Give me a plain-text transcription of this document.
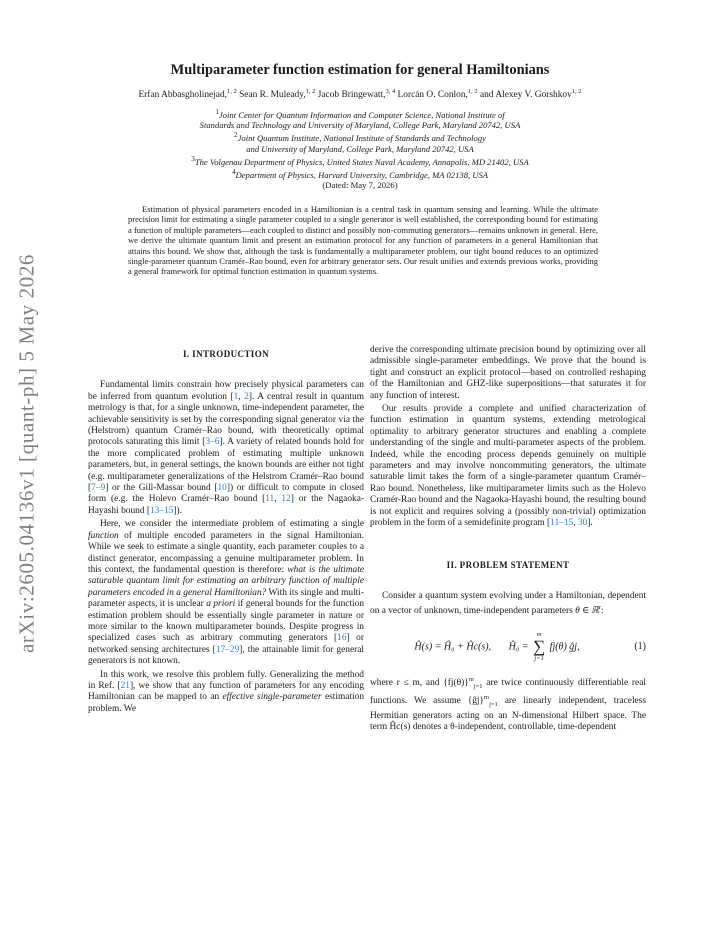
arXiv:2605.04136v1 [quant-ph] 5 May 2026
Multiparameter function estimation for general Hamiltonians
Erfan Abbasgholinejad,$^{1, 2}$ Sean R. Muleady,$^{1, 2}$ Jacob Bringewatt,$^{3, 4}$ Lorcán O. Conlon,$^{1, 2}$ and Alexey V. Gorshkov$^{1, 2}$
$^1$Joint Center for Quantum Information and Computer Science, National Institute of
Standards and Technology and University of Maryland, College Park, Maryland 20742, USA
$^2$Joint Quantum Institute, National Institute of Standards and Technology
and University of Maryland, College Park, Maryland 20742, USA
$^3$The Volgenau Department of Physics, United States Naval Academy, Annapolis, MD 21402, USA
$^4$Department of Physics, Harvard University, Cambridge, MA 02138, USA
(Dated: May 7, 2026)
Estimation of physical parameters encoded in a Hamiltonian is a central task in quantum sensing and learning. While the ultimate precision limit for estimating a single parameter coupled to a single generator is well established, the corresponding bound for estimating a function of multiple parameters—each coupled to distinct and possibly non-commuting generators—remains unknown in general. Here, we derive the ultimate quantum limit and present an estimation protocol for any function of parameters in a general Hamiltonian that attains this bound. We show that, although the task is fundamentally a multiparameter problem, our tight bound reduces to an optimized single-parameter quantum Cramér–Rao bound, even for arbitrary generator sets. Our result unifies and extends previous works, providing a general framework for optimal function estimation in quantum systems.
I. INTRODUCTION

Fundamental limits constrain how precisely physical parameters can be inferred from quantum evolution [1, 2]. A central result in quantum metrology is that, for a single unknown, time-independent parameter, the achievable sensitivity is set by the corresponding signal generator via the (Helstrom) quantum Cramér–Rao bound, with theoretically optimal protocols saturating this limit [3–6]. A variety of related bounds hold for the more complicated problem of estimating multiple unknown parameters, but, in general settings, the known bounds are either not tight (e.g. multiparameter generalizations of the Helstrom Cramér–Rao bound [7–9] or the Gill-Massar bound [10]) or difficult to compute in closed form (e.g. the Holevo Cramér–Rao bound [11, 12] or the Nagaoka-Hayashi bound [13–15]).

Here, we consider the intermediate problem of estimating a single function of multiple encoded parameters in the signal Hamiltonian. While we seek to estimate a single quantity, each parameter couples to a distinct generator, encompassing a genuine multiparameter problem. In this context, the fundamental question is therefore: what is the ultimate saturable quantum limit for estimating an arbitrary function of multiple parameters encoded in a general Hamiltonian? With its single and multi-parameter aspects, it is unclear a priori if general bounds for the function estimation problem should be essentially single parameter in nature or more similar to the known multiparameter bounds. Despite progress in specialized cases such as arbitrary commuting generators [16] or networked sensing architectures [17–29], the attainable limit for general generators is not known.

In this work, we resolve this problem fully. Generalizing the method in Ref. [21], we show that any function of parameters for any encoding Hamiltonian can be mapped to an effective single-parameter estimation problem. We

derive the corresponding ultimate precision bound by optimizing over all admissible single-parameter embeddings. We prove that the bound is tight and construct an explicit protocol—based on controlled reshaping of the Hamiltonian and GHZ-like superpositions—that saturates it for any function of interest.

Our results provide a complete and unified characterization of function estimation in quantum systems, extending metrological optimality to arbitrary generator structures and enabling a complete understanding of the single and multi-parameter aspects of the problem. Indeed, while the encoding process depends genuinely on multiple parameters and may involve noncommuting generators, the ultimate saturable limit takes the form of a single-parameter quantum Cramér–Rao bound. Nonetheless, like multiparameter limits such as the Holevo Cramér-Rao bound and the Nagaoka-Hayashi bound, the resulting bound is not explicit and requires solving a (possibly non-trivial) optimization problem in the form of a semidefinite program [11–15, 30].

II. PROBLEM STATEMENT

Consider a quantum system evolving under a Hamiltonian, dependent on a vector of unknown, time-independent parameters θ ∈ ℝ$^r$:

Ĥ(s) = Ĥ₀ + Ĥc(s), Ĥ₀ =
m
∑
j=1
fj(θ) ĝj,	(1)

where r ≤ m, and $\{fj(\theta)\}^m_{j=1}$ are twice continuously differentiable real functions. We assume {ĝj}$^m_{j=1}$ are linearly independent, traceless Hermitian generators acting on an N-dimensional Hilbert space. The term Ĥc(s) denotes a θ-independent, controllable, time-dependent
